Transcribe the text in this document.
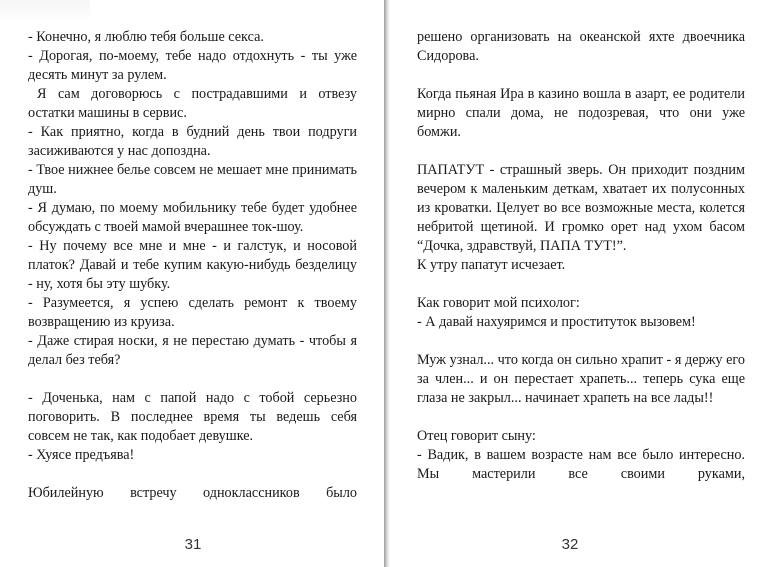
- Конечно, я люблю тебя больше секса.

- Дорогая, по-моему, тебе надо отдохнуть - ты уже десять минут за рулем.

Я сам договорюсь с пострадавшими и отвезу остатки машины в сервис.

- Как приятно, когда в будний день твои подруги засиживаются у нас допоздна.

- Твое нижнее белье совсем не мешает мне принимать душ.

- Я думаю, по моему мобильнику тебе будет удобнее обсуждать с твоей мамой вчерашнее ток-шоу.

- Ну почему все мне и мне - и галстук, и носовой платок? Давай и тебе купим какую-нибудь безделицу - ну, хотя бы эту шубку.

- Разумеется, я успею сделать ремонт к твоему возвращению из круиза.

- Даже стирая носки, я не перестаю думать - чтобы я делал без тебя?

- Доченька, нам с папой надо с тобой серьезно поговорить. В последнее время ты ведешь себя совсем не так, как подобает девушке.

- Хуясе предъява!

Юбилейную встречу одноклассников было

31

решено организовать на океанской яхте двоечника Сидорова.

Когда пьяная Ира в казино вошла в азарт, ее родители мирно спали дома, не подозревая, что они уже бомжи.

ПАПАТУТ - страшный зверь. Он приходит поздним вечером к маленьким деткам, хватает их полусонных из кроватки. Целует во все возможные места, колется небритой щетиной. И громко орет над ухом басом “Дочка, здравствуй, ПАПА ТУТ!”.

К утру папатут исчезает.

Как говорит мой психолог:

- А давай нахуяримся и проституток вызовем!

Муж узнал... что когда он сильно храпит - я держу его за член... и он перестает храпеть... теперь сука еще глаза не закрыл... начинает храпеть на все лады!!

Отец говорит сыну:

- Вадик, в вашем возрасте нам все было интересно. Мы мастерили все своими руками,

32
